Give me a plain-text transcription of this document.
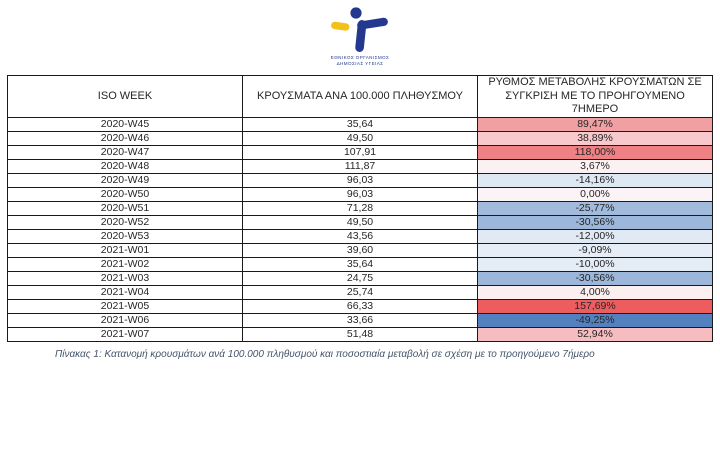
ΕΘΝΙΚΟΣ ΟΡΓΑΝΙΣΜΟΣ
ΔΗΜΟΣΙΑΣ ΥΓΕΙΑΣ
ISO WEEK	ΚΡΟΥΣΜΑΤΑ ΑΝΑ 100.000 ΠΛΗΘΥΣΜΟΥ	ΡΥΘΜΟΣ ΜΕΤΑΒΟΛΗΣ ΚΡΟΥΣΜΑΤΩΝ ΣΕ ΣΥΓΚΡΙΣΗ ΜΕ ΤΟ ΠΡΟΗΓΟΥΜΕΝΟ 7ΗΜΕΡΟ
2020-W45	35,64	89,47%
2020-W46	49,50	38,89%
2020-W47	107,91	118,00%
2020-W48	111,87	3,67%
2020-W49	96,03	-14,16%
2020-W50	96,03	0,00%
2020-W51	71,28	-25,77%
2020-W52	49,50	-30,56%
2020-W53	43,56	-12,00%
2021-W01	39,60	-9,09%
2021-W02	35,64	-10,00%
2021-W03	24,75	-30,56%
2021-W04	25,74	4,00%
2021-W05	66,33	157,69%
2021-W06	33,66	-49,25%
2021-W07	51,48	52,94%
Πίνακας 1: Κατανομή κρουσμάτων ανά 100.000 πληθυσμού και ποσοστιαία μεταβολή σε σχέση με το προηγούμενο 7ήμερο
